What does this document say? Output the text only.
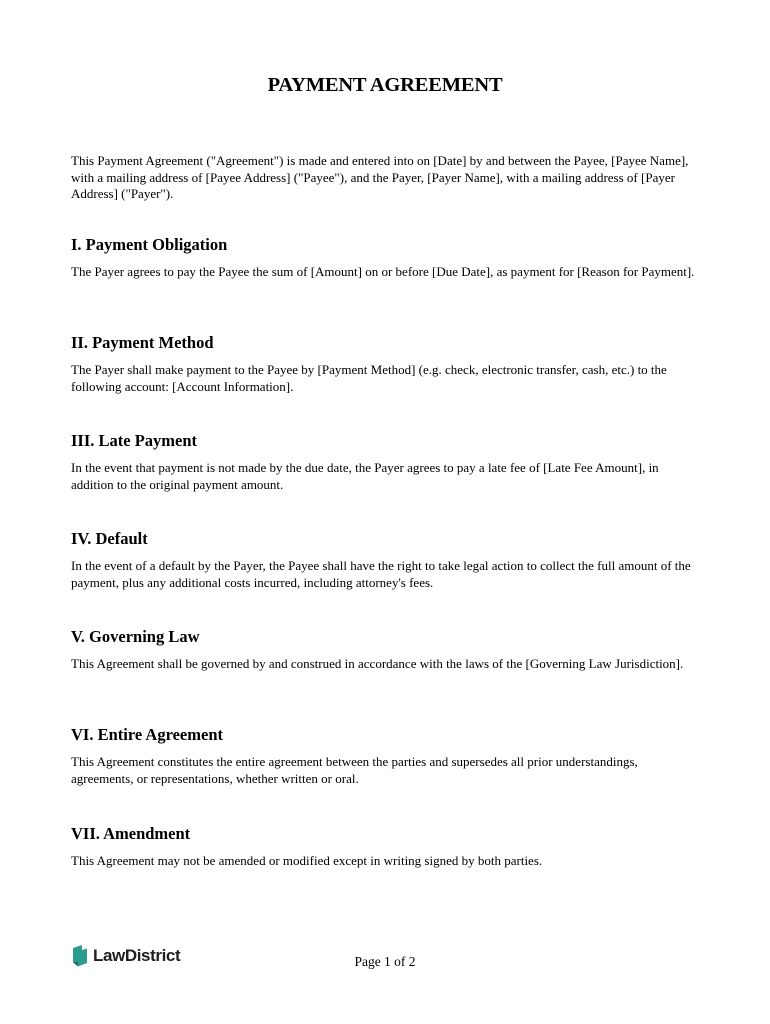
PAYMENT AGREEMENT
This Payment Agreement ("Agreement") is made and entered into on [Date] by and between the Payee, [Payee Name], with a mailing address of [Payee Address] ("Payee"), and the Payer, [Payer Name], with a mailing address of [Payer Address] ("Payer").
I. Payment Obligation

The Payer agrees to pay the Payee the sum of [Amount] on or before [Due Date], as payment for [Reason for Payment].

II. Payment Method

The Payer shall make payment to the Payee by [Payment Method] (e.g. check, electronic transfer, cash, etc.) to the following account: [Account Information].

III. Late Payment

In the event that payment is not made by the due date, the Payer agrees to pay a late fee of [Late Fee Amount], in addition to the original payment amount.

IV. Default

In the event of a default by the Payer, the Payee shall have the right to take legal action to collect the full amount of the payment, plus any additional costs incurred, including attorney's fees.

V. Governing Law

This Agreement shall be governed by and construed in accordance with the laws of the [Governing Law Jurisdiction].

VI. Entire Agreement

This Agreement constitutes the entire agreement between the parties and supersedes all prior understandings, agreements, or representations, whether written or oral.

VII. Amendment

This Agreement may not be amended or modified except in writing signed by both parties.

LawDistrict	Page 1 of 2
